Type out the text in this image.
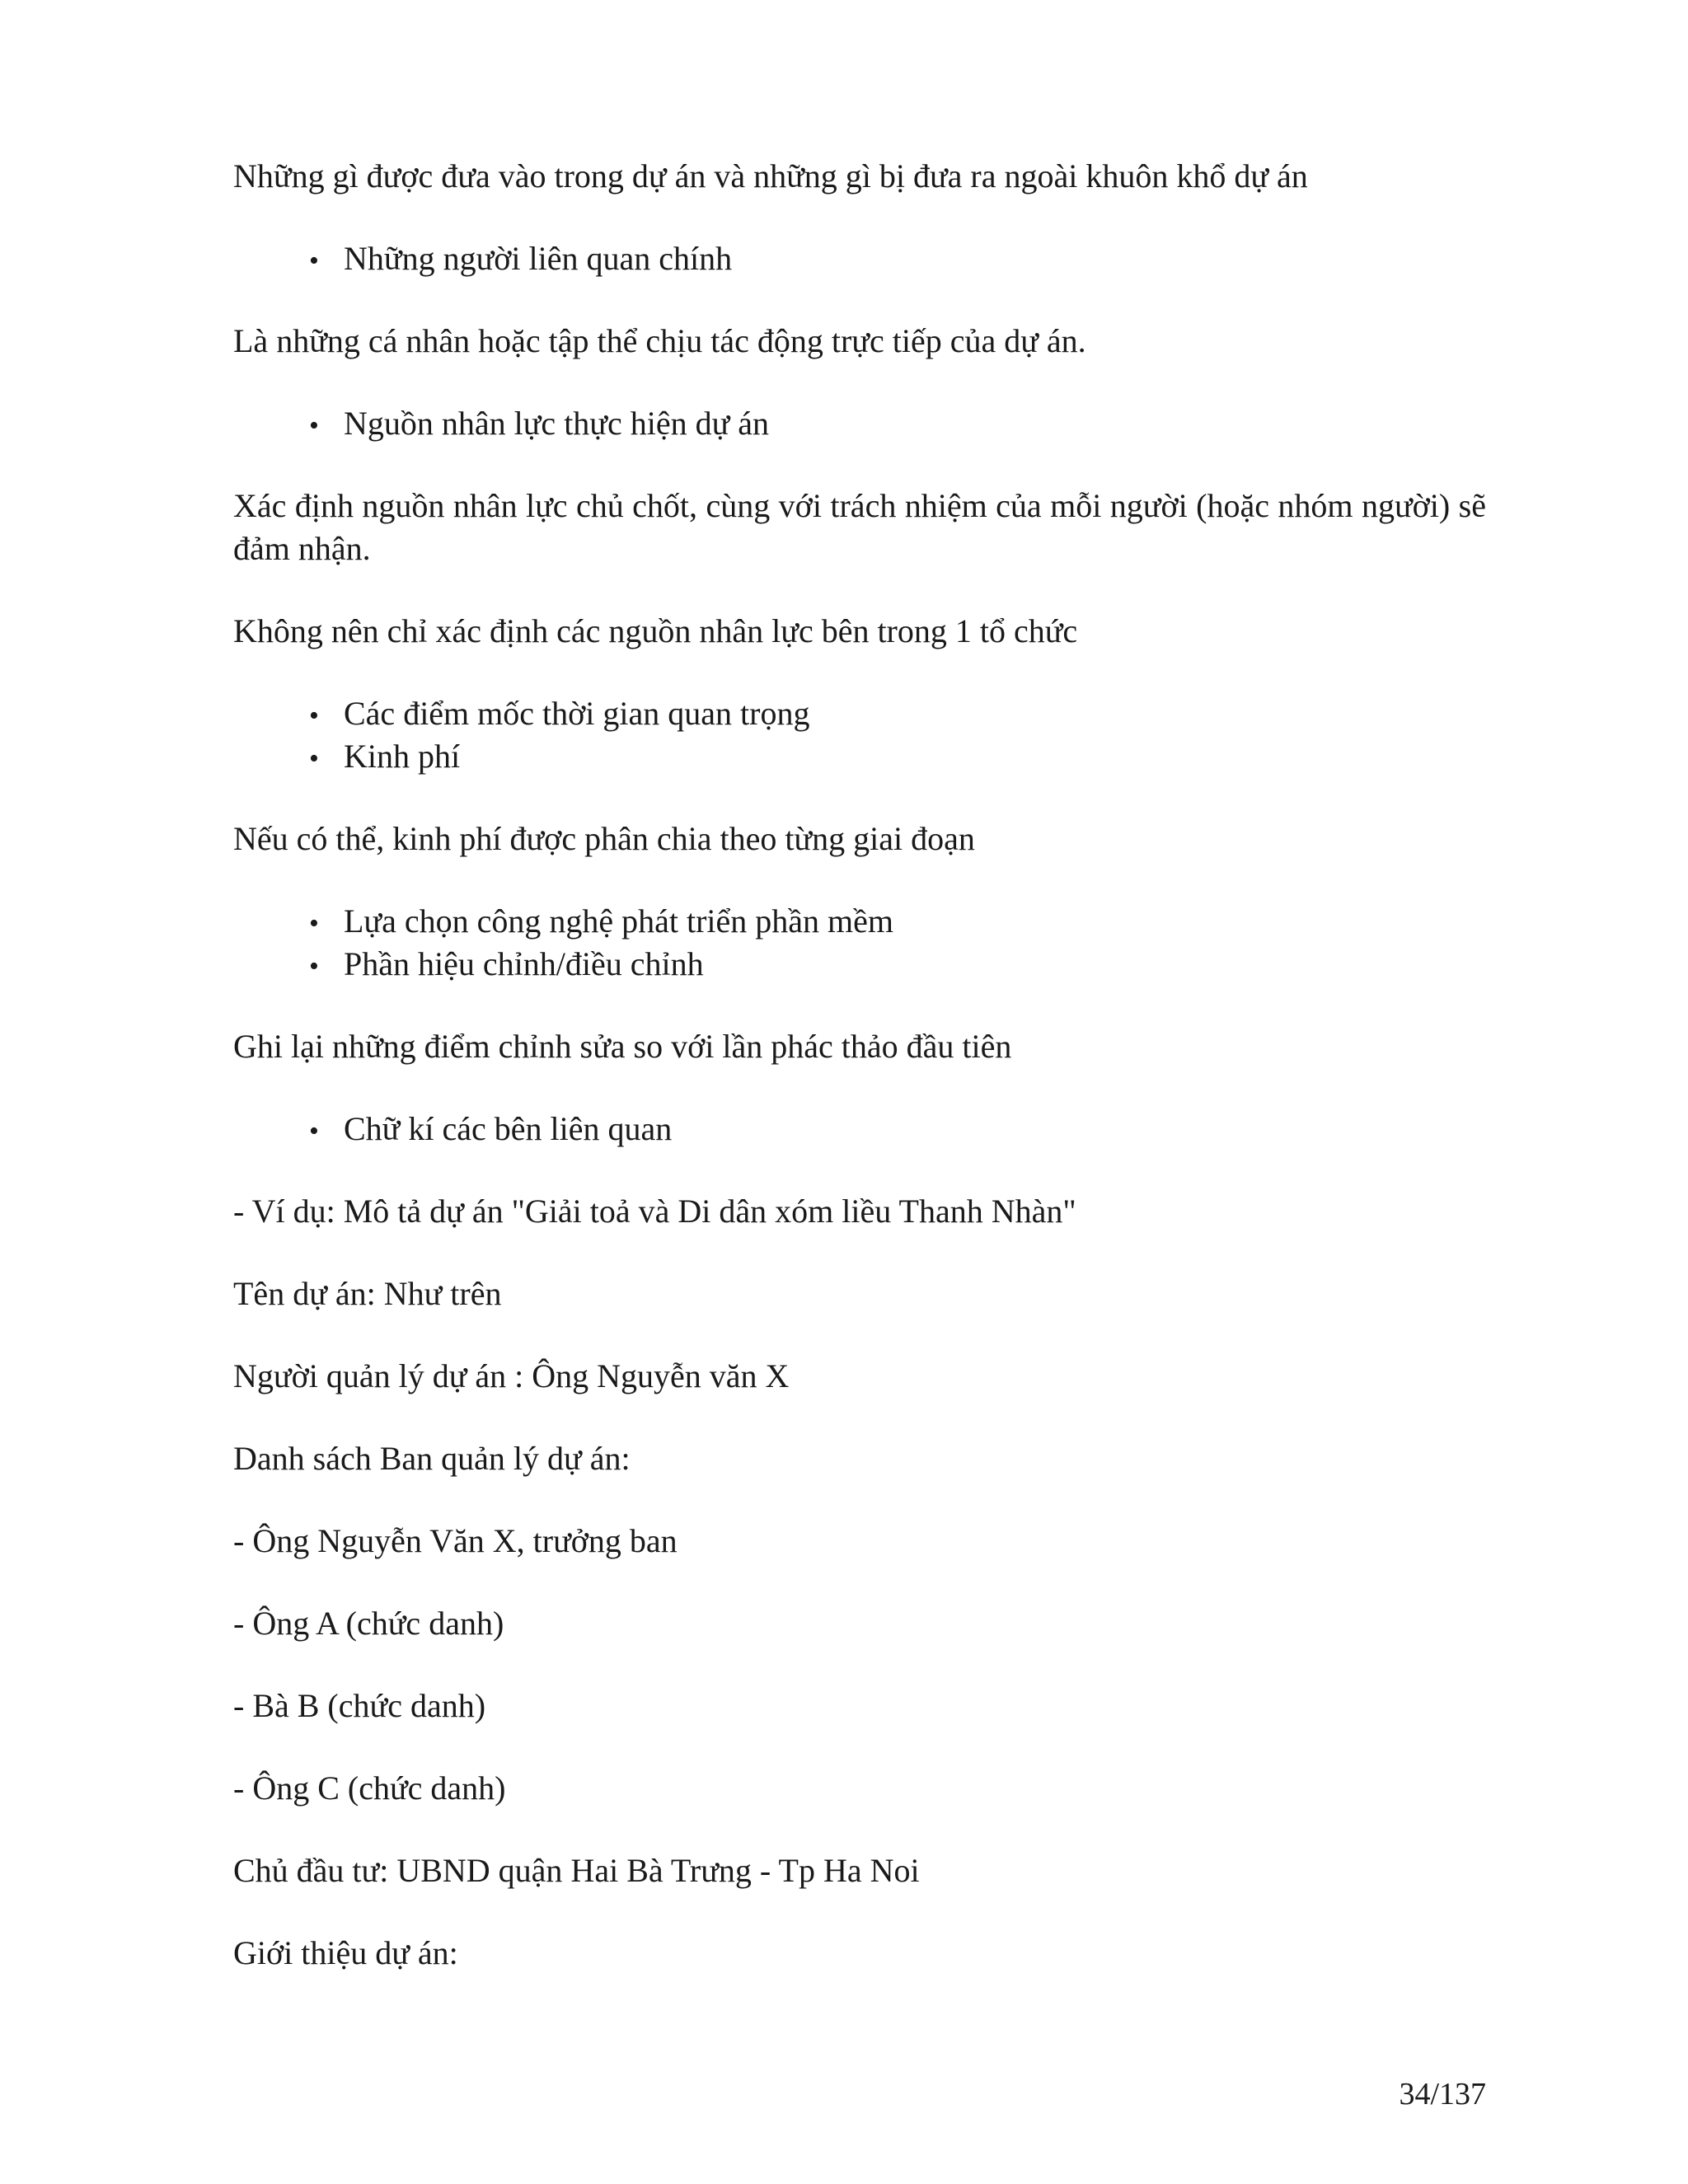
Những gì được đưa vào trong dự án và những gì bị đưa ra ngoài khuôn khổ dự án
• Những người liên quan chính
Là những cá nhân hoặc tập thể chịu tác động trực tiếp của dự án.
• Nguồn nhân lực thực hiện dự án
Xác định nguồn nhân lực chủ chốt, cùng với trách nhiệm của mỗi người (hoặc nhóm người) sẽ đảm nhận.
Không nên chỉ xác định các nguồn nhân lực bên trong 1 tổ chức
• Các điểm mốc thời gian quan trọng
• Kinh phí
Nếu có thể, kinh phí được phân chia theo từng giai đoạn
• Lựa chọn công nghệ phát triển phần mềm
• Phần hiệu chỉnh/điều chỉnh
Ghi lại những điểm chỉnh sửa so với lần phác thảo đầu tiên
• Chữ kí các bên liên quan
- Ví dụ: Mô tả dự án "Giải toả và Di dân xóm liều Thanh Nhàn"
Tên dự án: Như trên
Người quản lý dự án : Ông Nguyễn văn X
Danh sách Ban quản lý dự án:
- Ông Nguyễn Văn X, trưởng ban
- Ông A (chức danh)
- Bà B (chức danh)
- Ông C (chức danh)
Chủ đầu tư: UBND quận Hai Bà Trưng - Tp Ha Noi
Giới thiệu dự án:
34/137
